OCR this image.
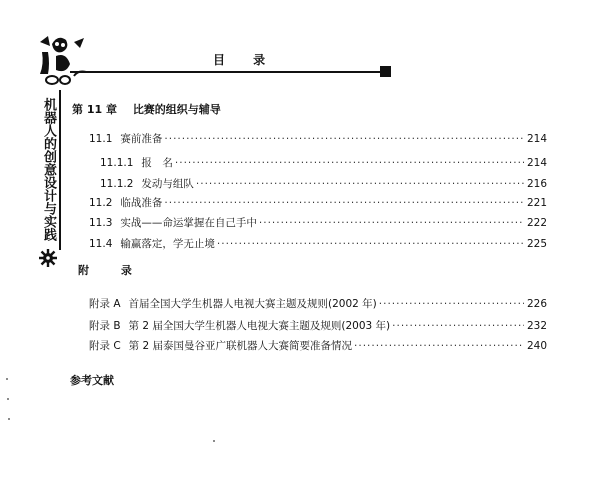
目 录
机器人的创意设计与实践 第 11 章 比赛的组织与辅导
11.1 赛前准备 ·····	214
11.1.1 报　名 ·····	214
11.1.2 发动与组队 ·····	216
11.2 临战准备 ·····	221
11.3 实战——命运掌握在自己手中 ·····	222
11.4 输赢落定，学无止境 ·····	225
附 录
附录 A 首届全国大学生机器人电视大赛主题及规则(2002 年) ·····	226
附录 B 第 2 届全国大学生机器人电视大赛主题及规则(2003 年) ·····	232
附录 C 第 2 届泰国曼谷亚广联机器人大赛简要准备情况 ·····	240
参考文献
